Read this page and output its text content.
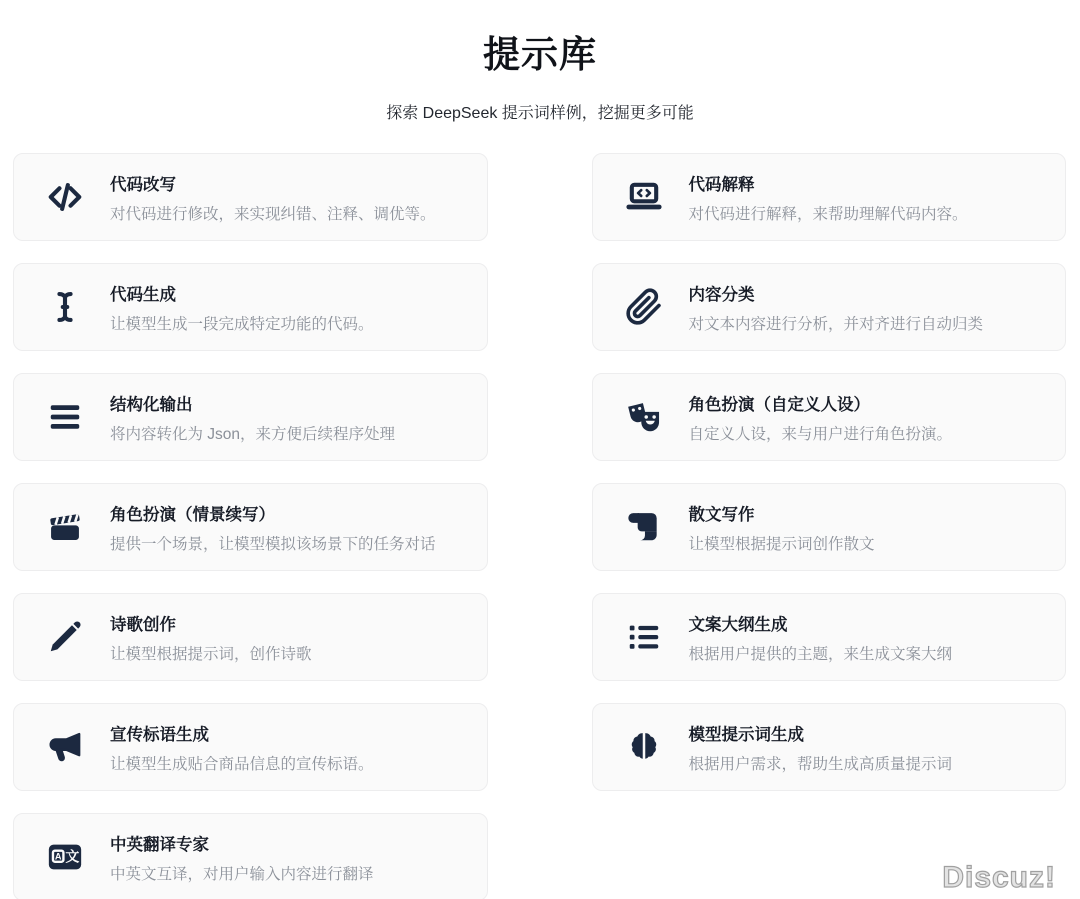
提示库
探索 DeepSeek 提示词样例，挖掘更多可能
代码改写
对代码进行修改，来实现纠错、注释、调优等。
代码解释
对代码进行解释，来帮助理解代码内容。
代码生成
让模型生成一段完成特定功能的代码。
内容分类
对文本内容进行分析，并对齐进行自动归类
结构化输出
将内容转化为 Json，来方便后续程序处理
角色扮演（自定义人设）
自定义人设，来与用户进行角色扮演。
角色扮演（情景续写）
提供一个场景，让模型模拟该场景下的任务对话
散文写作
让模型根据提示词创作散文
诗歌创作
让模型根据提示词，创作诗歌
文案大纲生成
根据用户提供的主题，来生成文案大纲
宣传标语生成
让模型生成贴合商品信息的宣传标语。
模型提示词生成
根据用户需求，帮助生成高质量提示词
A 文
中英翻译专家
中英文互译，对用户输入内容进行翻译	Discuz!
